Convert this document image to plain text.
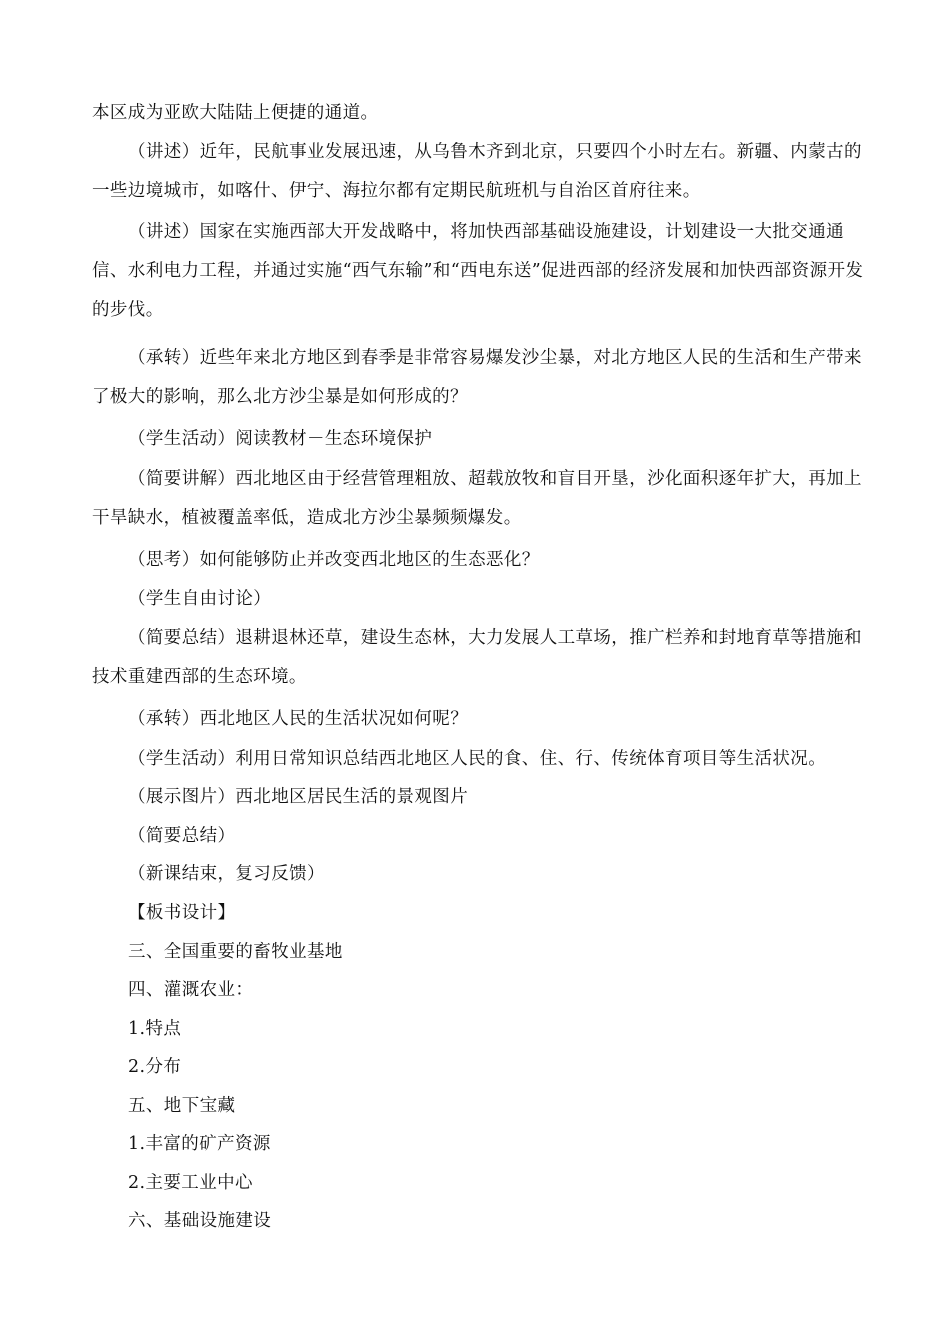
本区成为亚欧大陆陆上便捷的通道。

（讲述）近年，民航事业发展迅速，从乌鲁木齐到北京，只要四个小时左右。新疆、内蒙古的一些边境城市，如喀什、伊宁、海拉尔都有定期民航班机与自治区首府往来。

（讲述）国家在实施西部大开发战略中，将加快西部基础设施建设，计划建设一大批交通通信、水利电力工程，并通过实施“西气东输”和“西电东送”促进西部的经济发展和加快西部资源开发的步伐。

（承转）近些年来北方地区到春季是非常容易爆发沙尘暴，对北方地区人民的生活和生产带来了极大的影响，那么北方沙尘暴是如何形成的？

（学生活动）阅读教材－生态环境保护

（简要讲解）西北地区由于经营管理粗放、超载放牧和盲目开垦，沙化面积逐年扩大，再加上干旱缺水，植被覆盖率低，造成北方沙尘暴频频爆发。

（思考）如何能够防止并改变西北地区的生态恶化？

（学生自由讨论）

（简要总结）退耕退林还草，建设生态林，大力发展人工草场，推广栏养和封地育草等措施和技术重建西部的生态环境。

（承转）西北地区人民的生活状况如何呢？

（学生活动）利用日常知识总结西北地区人民的食、住、行、传统体育项目等生活状况。

（展示图片）西北地区居民生活的景观图片

（简要总结）

（新课结束，复习反馈）

【板书设计】

三、全国重要的畜牧业基地

四、灌溉农业：

1.特点

2.分布

五、地下宝藏

1.丰富的矿产资源

2.主要工业中心

六、基础设施建设
